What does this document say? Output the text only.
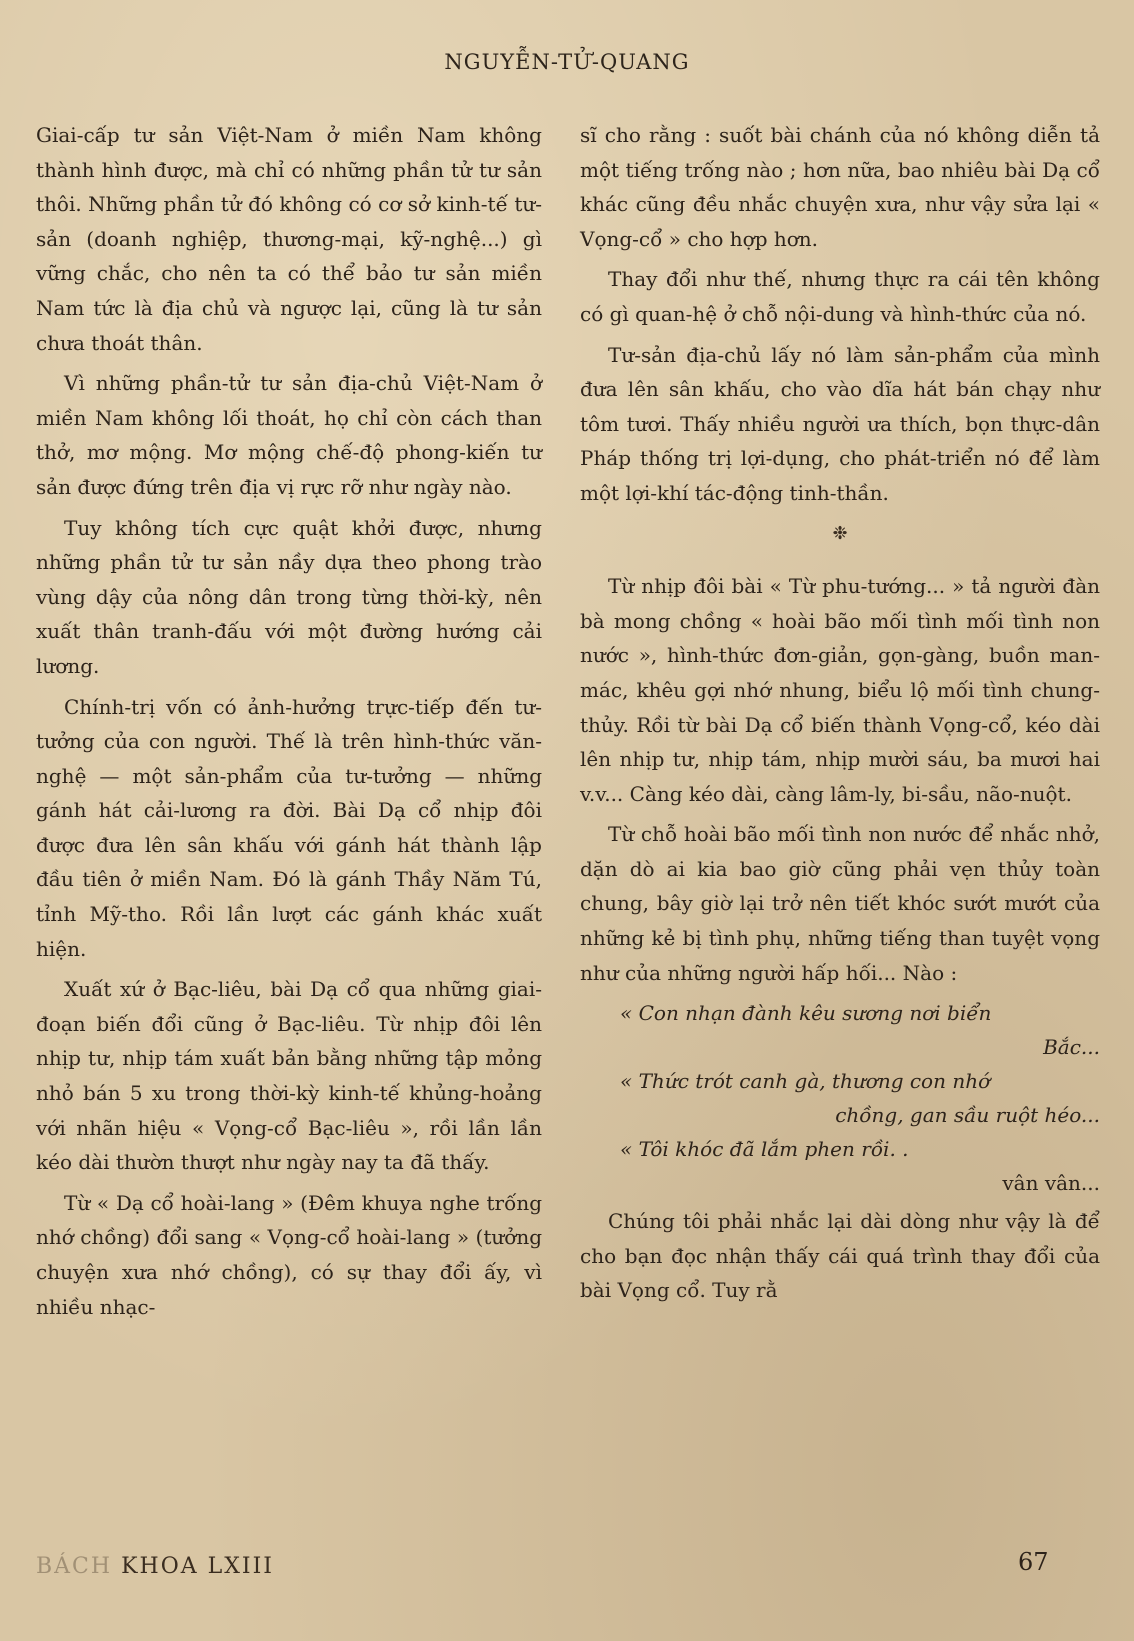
NGUYỄN-TỬ-QUANG

Giai-cấp tư sản Việt-Nam ở miền Nam không thành hình được, mà chỉ có những phần tử tư sản thôi. Những phần tử đó không có cơ sở kinh-tế tư-sản (doanh nghiệp, thương-mại, kỹ-nghệ...) gì vững chắc, cho nên ta có thể bảo tư sản miền Nam tức là địa chủ và ngược lại, cũng là tư sản chưa thoát thân.

Vì những phần-tử tư sản địa-chủ Việt-Nam ở miền Nam không lối thoát, họ chỉ còn cách than thở, mơ mộng. Mơ mộng chế-độ phong-kiến tư sản được đứng trên địa vị rực rỡ như ngày nào.

Tuy không tích cực quật khởi được, nhưng những phần tử tư sản nầy dựa theo phong trào vùng dậy của nông dân trong từng thời-kỳ, nên xuất thân tranh-đấu với một đường hướng cải lương.

Chính-trị vốn có ảnh-hưởng trực-tiếp đến tư-tưởng của con người. Thế là trên hình-thức văn-nghệ — một sản-phẩm của tư-tưởng — những gánh hát cải-lương ra đời. Bài Dạ cổ nhịp đôi được đưa lên sân khấu với gánh hát thành lập đầu tiên ở miền Nam. Đó là gánh Thầy Năm Tú, tỉnh Mỹ-tho. Rồi lần lượt các gánh khác xuất hiện.

Xuất xứ ở Bạc-liêu, bài Dạ cổ qua những giai-đoạn biến đổi cũng ở Bạc-liêu. Từ nhịp đôi lên nhịp tư, nhịp tám xuất bản bằng những tập mỏng nhỏ bán 5 xu trong thời-kỳ kinh-tế khủng-hoảng với nhãn hiệu « Vọng-cổ Bạc-liêu », rồi lần lần kéo dài thườn thượt như ngày nay ta đã thấy.

Từ « Dạ cổ hoài-lang » (Đêm khuya nghe trống nhớ chồng) đổi sang « Vọng-cổ hoài-lang » (tưởng chuyện xưa nhớ chồng), có sự thay đổi ấy, vì nhiều nhạc-

sĩ cho rằng : suốt bài chánh của nó không diễn tả một tiếng trống nào ; hơn nữa, bao nhiêu bài Dạ cổ khác cũng đều nhắc chuyện xưa, như vậy sửa lại « Vọng-cổ » cho hợp hơn.

Thay đổi như thế, nhưng thực ra cái tên không có gì quan-hệ ở chỗ nội-dung và hình-thức của nó.

Tư-sản địa-chủ lấy nó làm sản-phẩm của mình đưa lên sân khấu, cho vào dĩa hát bán chạy như tôm tươi. Thấy nhiều người ưa thích, bọn thực-dân Pháp thống trị lợi-dụng, cho phát-triển nó để làm một lợi-khí tác-động tinh-thần.

❉

Từ nhịp đôi bài « Từ phu-tướng... » tả người đàn bà mong chồng « hoài bão mối tình mối tình non nước », hình-thức đơn-giản, gọn-gàng, buồn man-mác, khêu gợi nhớ nhung, biểu lộ mối tình chung-thủy. Rồi từ bài Dạ cổ biến thành Vọng-cổ, kéo dài lên nhịp tư, nhịp tám, nhịp mười sáu, ba mươi hai v.v... Càng kéo dài, càng lâm-ly, bi-sầu, não-nuột.

Từ chỗ hoài bão mối tình non nước để nhắc nhở, dặn dò ai kia bao giờ cũng phải vẹn thủy toàn chung, bây giờ lại trở nên tiết khóc sướt mướt của những kẻ bị tình phụ, những tiếng than tuyệt vọng như của những người hấp hối... Nào :

« Con nhạn đành kêu sương nơi biển
Bắc...
« Thức trót canh gà, thương con nhớ
chồng, gan sầu ruột héo...
« Tôi khóc đã lắm phen rồi. .
vân vân...

Chúng tôi phải nhắc lại dài dòng như vậy là để cho bạn đọc nhận thấy cái quá trình thay đổi của bài Vọng cổ. Tuy rằ

BÁCH KHOA LXIII	67
